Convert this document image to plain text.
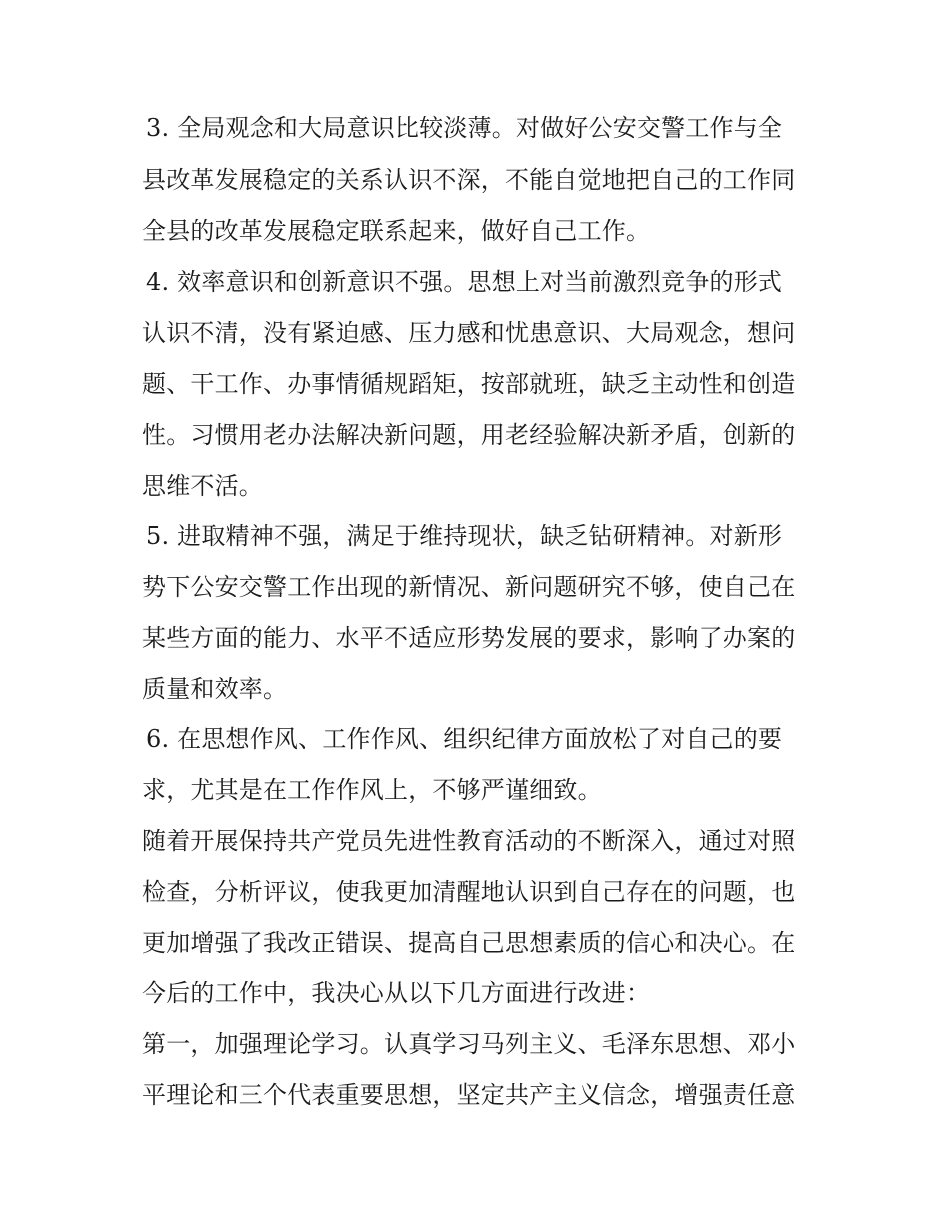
3. 全局观念和大局意识比较淡薄。对做好公安交警工作与全
县改革发展稳定的关系认识不深，不能自觉地把自己的工作同
全县的改革发展稳定联系起来，做好自己工作。
4. 效率意识和创新意识不强。思想上对当前激烈竞争的形式
认识不清，没有紧迫感、压力感和忧患意识、大局观念，想问
题、干工作、办事情循规蹈矩，按部就班，缺乏主动性和创造
性。习惯用老办法解决新问题，用老经验解决新矛盾，创新的
思维不活。
5. 进取精神不强，满足于维持现状，缺乏钻研精神。对新形
势下公安交警工作出现的新情况、新问题研究不够，使自己在
某些方面的能力、水平不适应形势发展的要求，影响了办案的
质量和效率。
6. 在思想作风、工作作风、组织纪律方面放松了对自己的要
求，尤其是在工作作风上，不够严谨细致。
随着开展保持共产党员先进性教育活动的不断深入，通过对照
检查，分析评议，使我更加清醒地认识到自己存在的问题，也
更加增强了我改正错误、提高自己思想素质的信心和决心。在
今后的工作中，我决心从以下几方面进行改进：
第一，加强理论学习。认真学习马列主义、毛泽东思想、邓小
平理论和三个代表重要思想，坚定共产主义信念，增强责任意
